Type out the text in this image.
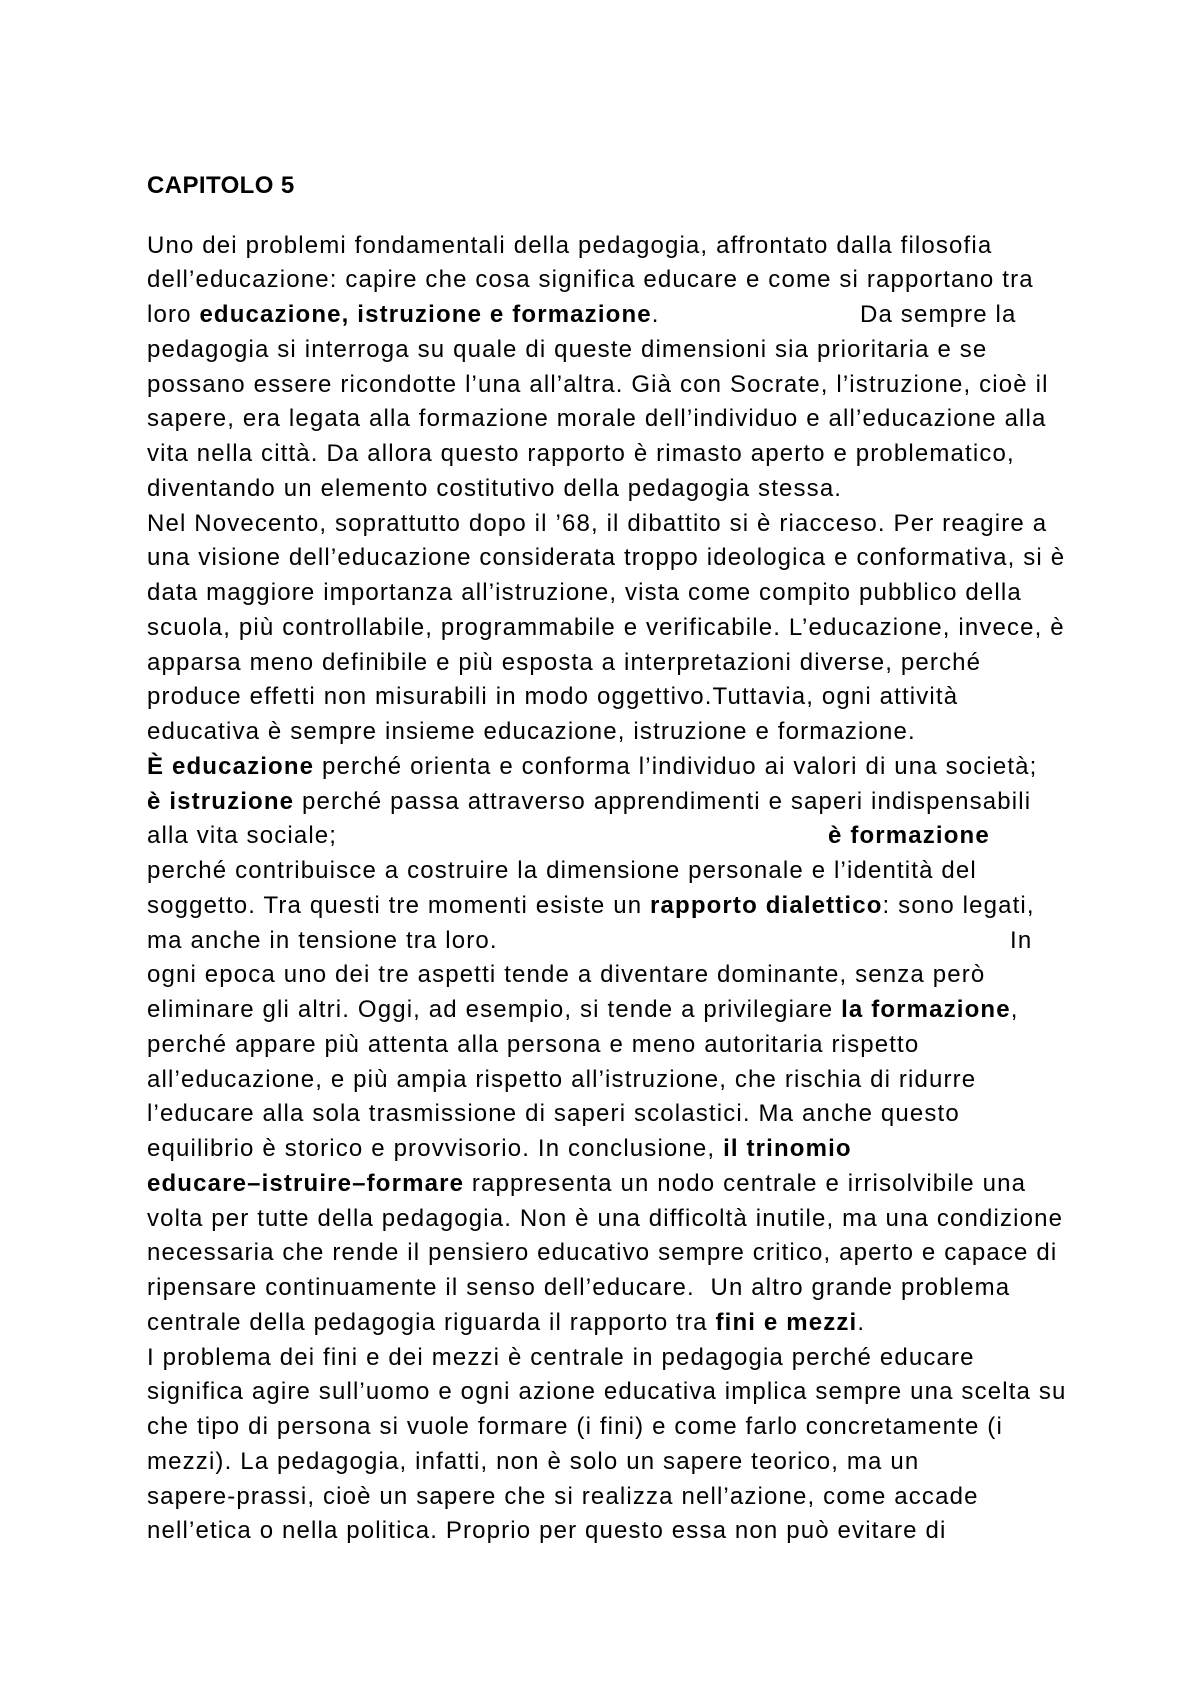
CAPITOLO 5
Uno dei problemi fondamentali della pedagogia, affrontato dalla filosofia
dell’educazione: capire che cosa significa educare e come si rapportano tra
loro educazione, istruzione e formazione.	Da sempre la
pedagogia si interroga su quale di queste dimensioni sia prioritaria e se
possano essere ricondotte l’una all’altra. Già con Socrate, l’istruzione, cioè il
sapere, era legata alla formazione morale dell’individuo e all’educazione alla
vita nella città. Da allora questo rapporto è rimasto aperto e problematico,
diventando un elemento costitutivo della pedagogia stessa.
Nel Novecento, soprattutto dopo il ’68, il dibattito si è riacceso. Per reagire a
una visione dell’educazione considerata troppo ideologica e conformativa, si è
data maggiore importanza all’istruzione, vista come compito pubblico della
scuola, più controllabile, programmabile e verificabile. L’educazione, invece, è
apparsa meno definibile e più esposta a interpretazioni diverse, perché
produce effetti non misurabili in modo oggettivo.Tuttavia, ogni attività
educativa è sempre insieme educazione, istruzione e formazione.
È educazione perché orienta e conforma l’individuo ai valori di una società;
è istruzione perché passa attraverso apprendimenti e saperi indispensabili
alla vita sociale;	è formazione
perché contribuisce a costruire la dimensione personale e l’identità del
soggetto. Tra questi tre momenti esiste un rapporto dialettico: sono legati,
ma anche in tensione tra loro.	In
ogni epoca uno dei tre aspetti tende a diventare dominante, senza però
eliminare gli altri. Oggi, ad esempio, si tende a privilegiare la formazione,
perché appare più attenta alla persona e meno autoritaria rispetto
all’educazione, e più ampia rispetto all’istruzione, che rischia di ridurre
l’educare alla sola trasmissione di saperi scolastici. Ma anche questo
equilibrio è storico e provvisorio. In conclusione, il trinomio
educare–istruire–formare rappresenta un nodo centrale e irrisolvibile una
volta per tutte della pedagogia. Non è una difficoltà inutile, ma una condizione
necessaria che rende il pensiero educativo sempre critico, aperto e capace di
ripensare continuamente il senso dell’educare.  Un altro grande problema
centrale della pedagogia riguarda il rapporto tra fini e mezzi.
I problema dei fini e dei mezzi è centrale in pedagogia perché educare
significa agire sull’uomo e ogni azione educativa implica sempre una scelta su
che tipo di persona si vuole formare (i fini) e come farlo concretamente (i
mezzi). La pedagogia, infatti, non è solo un sapere teorico, ma un
sapere-prassi, cioè un sapere che si realizza nell’azione, come accade
nell’etica o nella politica. Proprio per questo essa non può evitare di
